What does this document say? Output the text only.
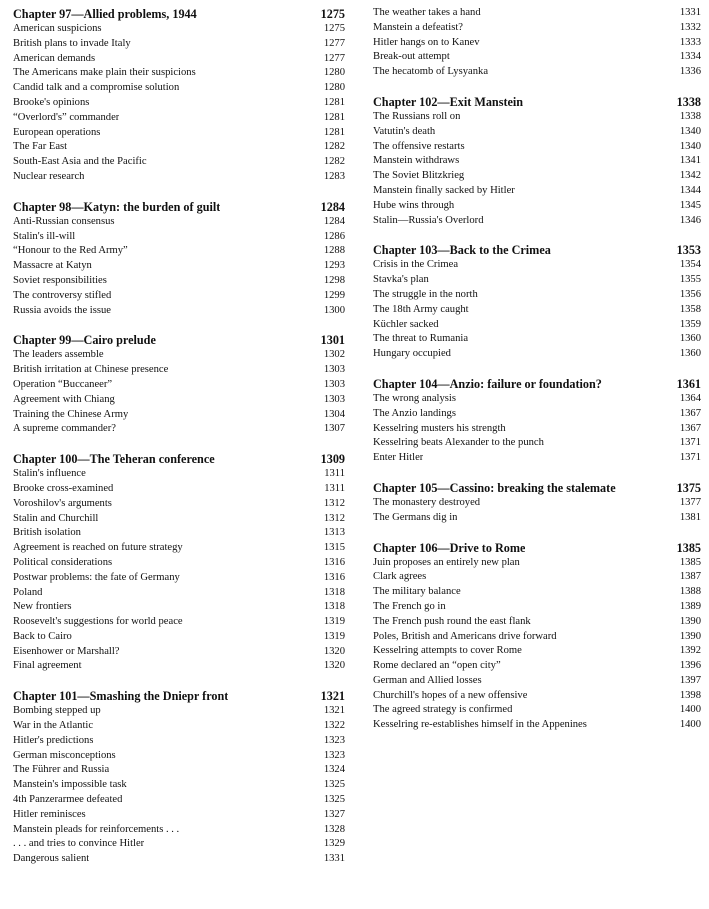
Chapter 97—Allied problems, 1944	1275
American suspicions	1275
British plans to invade Italy	1277
American demands	1277
The Americans make plain their suspicions	1280
Candid talk and a compromise solution	1280
Brooke's opinions	1281
“Overlord's” commander	1281
European operations	1281
The Far East	1282
South-East Asia and the Pacific	1282
Nuclear research	1283
Chapter 98—Katyn: the burden of guilt	1284
Anti-Russian consensus	1284
Stalin's ill-will	1286
“Honour to the Red Army”	1288
Massacre at Katyn	1293
Soviet responsibilities	1298
The controversy stifled	1299
Russia avoids the issue	1300
Chapter 99—Cairo prelude	1301
The leaders assemble	1302
British irritation at Chinese presence	1303
Operation “Buccaneer”	1303
Agreement with Chiang	1303
Training the Chinese Army	1304
A supreme commander?	1307
Chapter 100—The Teheran conference	1309
Stalin's influence	1311
Brooke cross-examined	1311
Voroshilov's arguments	1312
Stalin and Churchill	1312
British isolation	1313
Agreement is reached on future strategy	1315
Political considerations	1316
Postwar problems: the fate of Germany	1316
Poland	1318
New frontiers	1318
Roosevelt's suggestions for world peace	1319
Back to Cairo	1319
Eisenhower or Marshall?	1320
Final agreement	1320
Chapter 101—Smashing the Dniepr front	1321
Bombing stepped up	1321
War in the Atlantic	1322
Hitler's predictions	1323
German misconceptions	1323
The Führer and Russia	1324
Manstein's impossible task	1325
4th Panzerarmee defeated	1325
Hitler reminisces	1327
Manstein pleads for reinforcements . . .	1328
. . . and tries to convince Hitler	1329
Dangerous salient	1331
The weather takes a hand	1331
Manstein a defeatist?	1332
Hitler hangs on to Kanev	1333
Break-out attempt	1334
The hecatomb of Lysyanka	1336
Chapter 102—Exit Manstein	1338
The Russians roll on	1338
Vatutin's death	1340
The offensive restarts	1340
Manstein withdraws	1341
The Soviet Blitzkrieg	1342
Manstein finally sacked by Hitler	1344
Hube wins through	1345
Stalin—Russia's Overlord	1346
Chapter 103—Back to the Crimea	1353
Crisis in the Crimea	1354
Stavka's plan	1355
The struggle in the north	1356
The 18th Army caught	1358
Küchler sacked	1359
The threat to Rumania	1360
Hungary occupied	1360
Chapter 104—Anzio: failure or foundation?	1361
The wrong analysis	1364
The Anzio landings	1367
Kesselring musters his strength	1367
Kesselring beats Alexander to the punch	1371
Enter Hitler	1371
Chapter 105—Cassino: breaking the stalemate	1375
The monastery destroyed	1377
The Germans dig in	1381
Chapter 106—Drive to Rome	1385
Juin proposes an entirely new plan	1385
Clark agrees	1387
The military balance	1388
The French go in	1389
The French push round the east flank	1390
Poles, British and Americans drive forward	1390
Kesselring attempts to cover Rome	1392
Rome declared an “open city”	1396
German and Allied losses	1397
Churchill's hopes of a new offensive	1398
The agreed strategy is confirmed	1400
Kesselring re-establishes himself in the Appenines	1400
